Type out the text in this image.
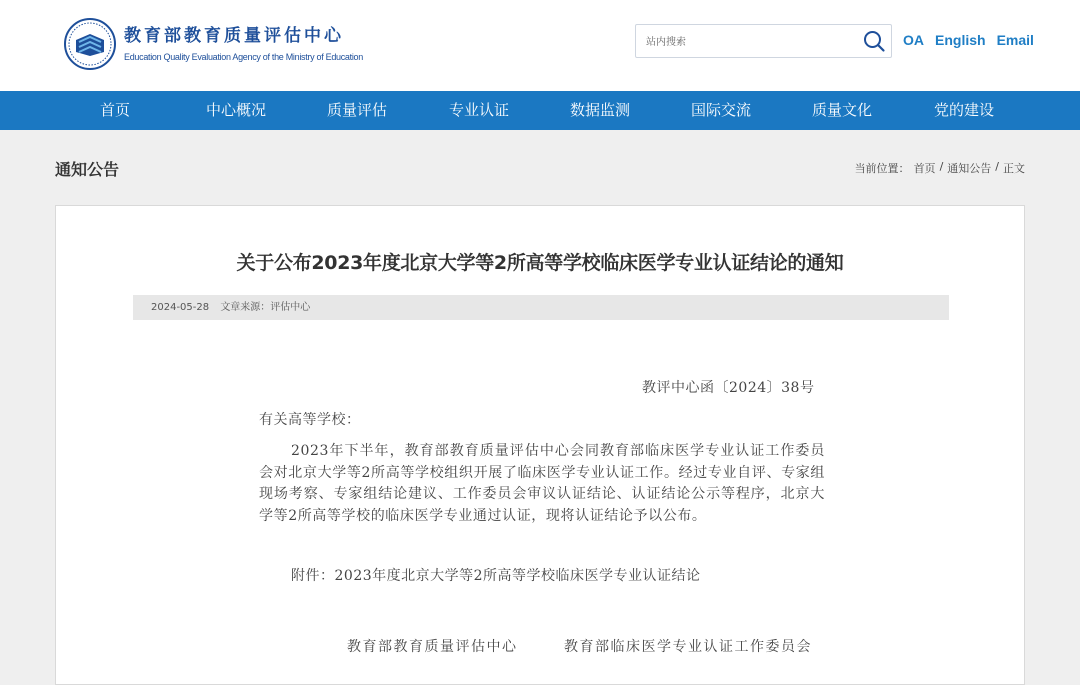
教育部教育质量评估中心
Education Quality Evaluation Agency of the Ministry of Education
站内搜索
OA English Email
首页	中心概况	质量评估	专业认证	数据监测	国际交流	质量文化	党的建设
通知公告	当前位置： 首页 / 通知公告 / 正文
关于公布2023年度北京大学等2所高等学校临床医学专业认证结论的通知
2024-05-28 文章来源：评估中心
教评中心函〔2024〕38号
有关高等学校：
2023年下半年，教育部教育质量评估中心会同教育部临床医学专业认证工作委员会对北京大学等2所高等学校组织开展了临床医学专业认证工作。经过专业自评、专家组现场考察、专家组结论建议、工作委员会审议认证结论、认证结论公示等程序，北京大学等2所高等学校的临床医学专业通过认证，现将认证结论予以公布。
附件：2023年度北京大学等2所高等学校临床医学专业认证结论
教育部教育质量评估中心	教育部临床医学专业认证工作委员会
